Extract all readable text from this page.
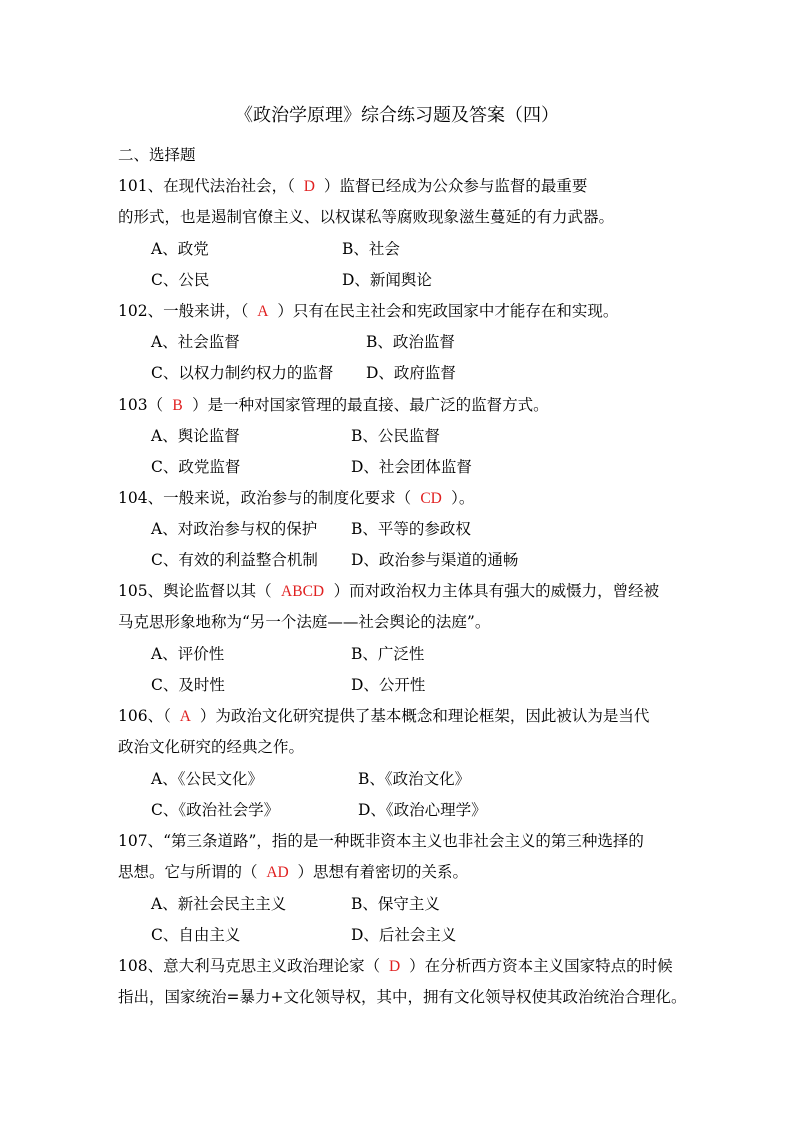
《政治学原理》综合练习题及答案（四）
二、选择题
101、在现代法治社会，（ D ）监督已经成为公众参与监督的最重要
的形式，也是遏制官僚主义、以权谋私等腐败现象滋生蔓延的有力武器。
A、政党	B、社会
C、公民	D、新闻舆论
102、一般来讲，（ A ）只有在民主社会和宪政国家中才能存在和实现。
A、社会监督	B、政治监督
C、以权力制约权力的监督 D、政府监督
103（ B ）是一种对国家管理的最直接、最广泛的监督方式。
A、舆论监督	B、公民监督
C、政党监督	D、社会团体监督
104、一般来说，政治参与的制度化要求（ CD ）。
A、对政治参与权的保护 B、平等的参政权
C、有效的利益整合机制 D、政治参与渠道的通畅
105、舆论监督以其（ ABCD ）而对政治权力主体具有强大的威慑力，曾经被
马克思形象地称为“另一个法庭——社会舆论的法庭”。
A、评价性	B、广泛性
C、及时性	D、公开性
106、（ A ）为政治文化研究提供了基本概念和理论框架，因此被认为是当代
政治文化研究的经典之作。
A、《公民文化》	B、《政治文化》
C、《政治社会学》	D、《政治心理学》
107、“第三条道路”，指的是一种既非资本主义也非社会主义的第三种选择的
思想。它与所谓的（ AD ）思想有着密切的关系。
A、新社会民主主义	B、保守主义
C、自由主义	D、后社会主义
108、意大利马克思主义政治理论家（ D ）在分析西方资本主义国家特点的时候
指出，国家统治=暴力+文化领导权，其中，拥有文化领导权使其政治统治合理化。
